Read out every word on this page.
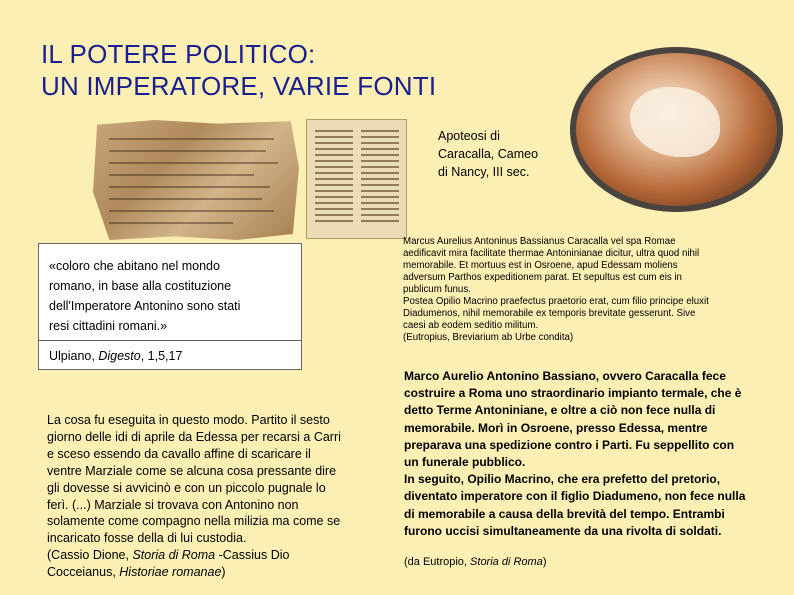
IL POTERE POLITICO:
UN IMPERATORE, VARIE FONTI
Apoteosi di
Caracalla, Cameo
di Nancy, III sec.

«coloro che abitano nel mondo
romano, in base alla costituzione
dell'Imperatore Antonino sono stati
resi cittadini romani.»

Ulpiano, Digesto, 1,5,17

La cosa fu eseguita in questo modo. Partito il sesto
giorno delle idi di aprile da Edessa per recarsi a Carri
e sceso essendo da cavallo affine di scaricare il
ventre Marziale come se alcuna cosa pressante dire
gli dovesse si avvicinò e con un piccolo pugnale lo
ferì. (...) Marziale si trovava con Antonino non
solamente come compagno nella milizia ma come se
incaricato fosse della di lui custodia.
(Cassio Dione, Storia di Roma -Cassius Dio
Cocceianus, Historiae romanae)

Marcus Aurelius Antoninus Bassianus Caracalla vel spa Romae
aedificavit mira facilitate thermae Antoninianae dicitur, ultra quod nihil
memorabile. Et mortuus est in Osroene, apud Edessam moliens
adversum Parthos expeditionem parat. Et sepultus est cum eis in
publicum funus.
Postea Opilio Macrino praefectus praetorio erat, cum filio principe eluxit
Diadumenos, nihil memorabile ex temporis brevitate gesserunt. Sive
caesi ab eodem seditio militum.
(Eutropius, Breviarium ab Urbe condita)

Marco Aurelio Antonino Bassiano, ovvero Caracalla fece
costruire a Roma uno straordinario impianto termale, che è
detto Terme Antoniniane, e oltre a ciò non fece nulla di
memorabile. Morì in Osroene, presso Edessa, mentre
preparava una spedizione contro i Parti. Fu seppellito con
un funerale pubblico.
In seguito, Opilio Macrino, che era prefetto del pretorio,
diventato imperatore con il figlio Diadumeno, non fece nulla
di memorabile a causa della brevità del tempo. Entrambi
furono uccisi simultaneamente da una rivolta di soldati.

(da Eutropio, Storia di Roma)
